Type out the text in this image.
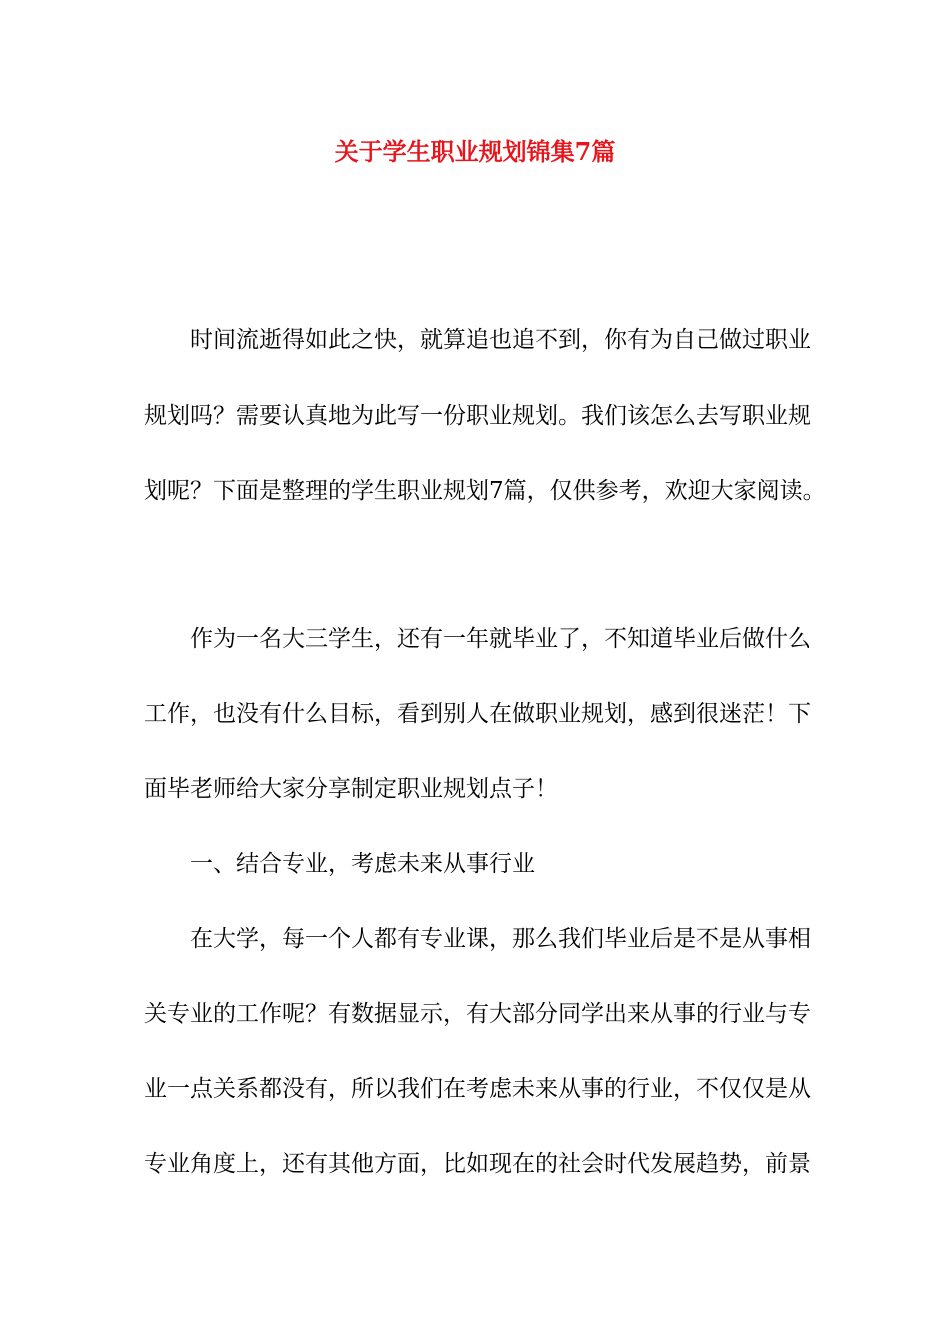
关于学生职业规划锦集7篇
时间流逝得如此之快，就算追也追不到，你有为自己做过职业
规划吗？需要认真地为此写一份职业规划。我们该怎么去写职业规
划呢？下面是整理的学生职业规划7篇，仅供参考，欢迎大家阅读。
作为一名大三学生，还有一年就毕业了，不知道毕业后做什么
工作，也没有什么目标，看到别人在做职业规划，感到很迷茫！下
面毕老师给大家分享制定职业规划点子！
一、结合专业，考虑未来从事行业
在大学，每一个人都有专业课，那么我们毕业后是不是从事相
关专业的工作呢？有数据显示，有大部分同学出来从事的行业与专
业一点关系都没有，所以我们在考虑未来从事的行业，不仅仅是从
专业角度上，还有其他方面，比如现在的社会时代发展趋势，前景
